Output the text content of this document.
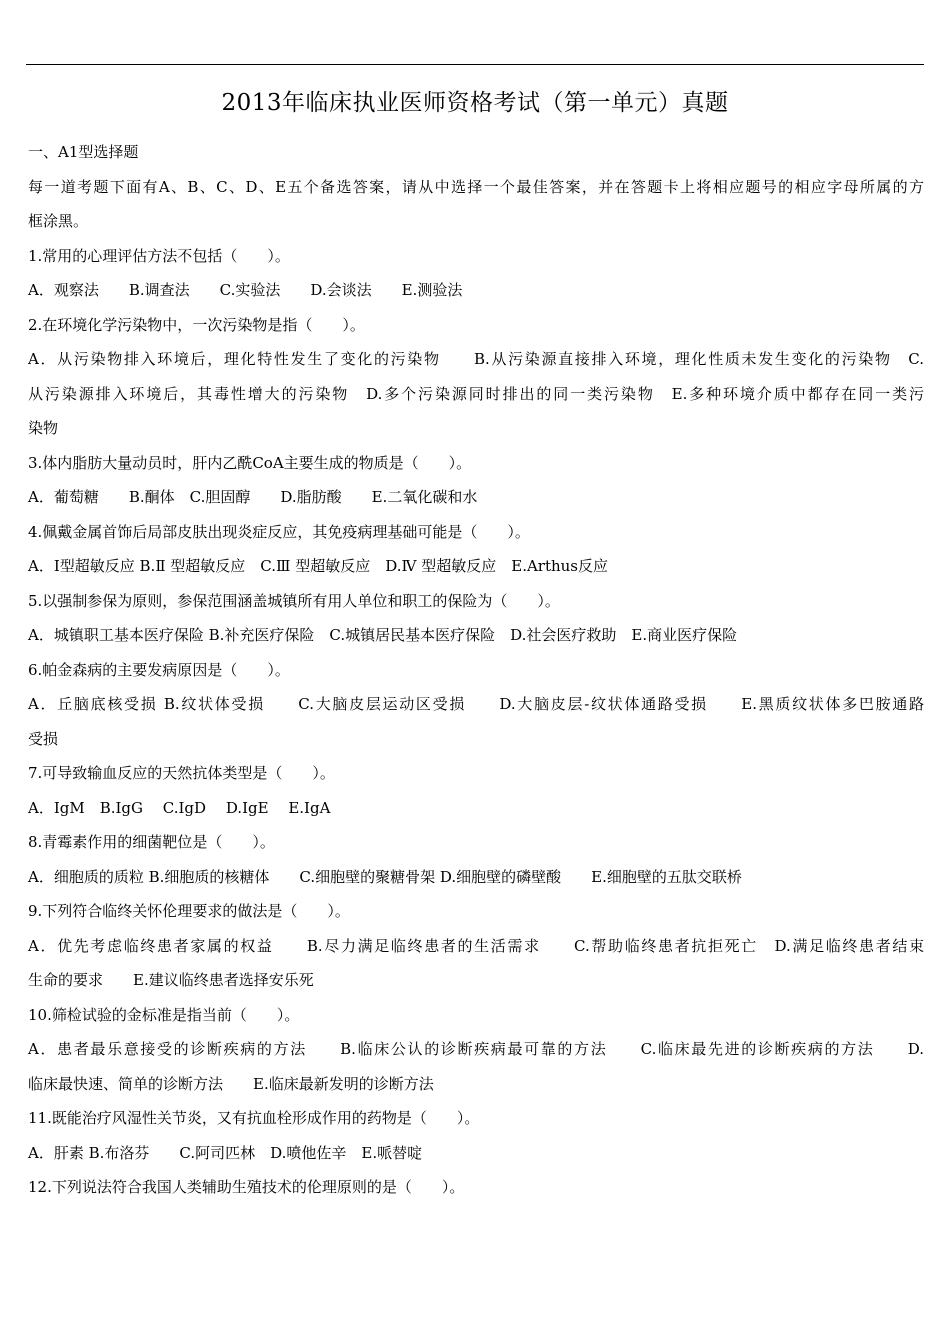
2013年临床执业医师资格考试（第一单元）真题
一、A1型选择题
每一道考题下面有A、B、C、D、E五个备选答案，请从中选择一个最佳答案，并在答题卡上将相应题号的相应字母所属的方
框涂黑。
1.常用的心理评估方法不包括（　　）。
A．观察法　　B.调查法　　C.实验法　　D.会谈法　　E.测验法
2.在环境化学污染物中，一次污染物是指（　　）。
A．从污染物排入环境后，理化特性发生了变化的污染物　　B.从污染源直接排入环境，理化性质未发生变化的污染物　C.
从污染源排入环境后，其毒性增大的污染物　D.多个污染源同时排出的同一类污染物　E.多种环境介质中都存在同一类污
染物
3.体内脂肪大量动员时，肝内乙酰CoA主要生成的物质是（　　）。
A．葡萄糖　　B.酮体　C.胆固醇　　D.脂肪酸　　E.二氧化碳和水
4.佩戴金属首饰后局部皮肤出现炎症反应，其免疫病理基础可能是（　　）。
A．Ⅰ型超敏反应 B.Ⅱ 型超敏反应　C.Ⅲ 型超敏反应　D.Ⅳ 型超敏反应　E.Arthus反应
5.以强制参保为原则，参保范围涵盖城镇所有用人单位和职工的保险为（　　）。
A．城镇职工基本医疗保险 B.补充医疗保险　C.城镇居民基本医疗保险　D.社会医疗救助　E.商业医疗保险
6.帕金森病的主要发病原因是（　　）。
A．丘脑底核受损 B.纹状体受损　　C.大脑皮层运动区受损　　D.大脑皮层-纹状体通路受损　　E.黑质纹状体多巴胺通路
受损
7.可导致输血反应的天然抗体类型是（　　）。
A．IgM　B.IgG　 C.IgD　 D.IgE　 E.IgA
8.青霉素作用的细菌靶位是（　　）。
A．细胞质的质粒 B.细胞质的核糖体　　C.细胞壁的聚糖骨架 D.细胞壁的磷壁酸　　E.细胞壁的五肽交联桥
9.下列符合临终关怀伦理要求的做法是（　　）。
A．优先考虑临终患者家属的权益　　B.尽力满足临终患者的生活需求　　C.帮助临终患者抗拒死亡　D.满足临终患者结束
生命的要求　　E.建议临终患者选择安乐死
10.筛检试验的金标准是指当前（　　）。
A．患者最乐意接受的诊断疾病的方法　　B.临床公认的诊断疾病最可靠的方法　　C.临床最先进的诊断疾病的方法　　D.
临床最快速、简单的诊断方法　　E.临床最新发明的诊断方法
11.既能治疗风湿性关节炎，又有抗血栓形成作用的药物是（　　）。
A．肝素 B.布洛芬　　C.阿司匹林　D.喷他佐辛　E.哌替啶
12.下列说法符合我国人类辅助生殖技术的伦理原则的是（　　）。
